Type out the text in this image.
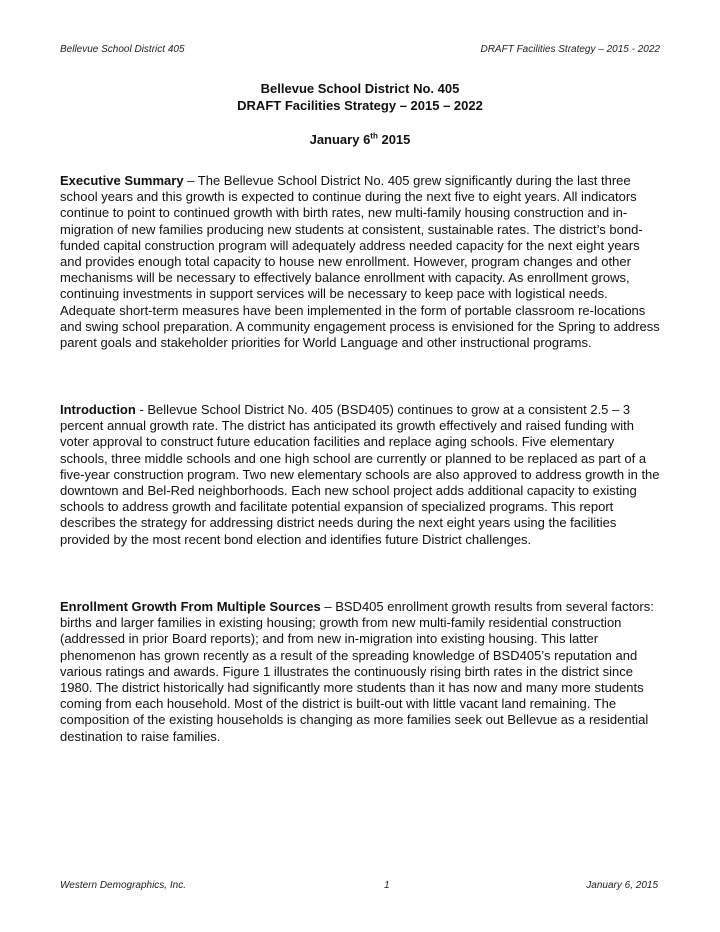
Bellevue School District 405	DRAFT Facilities Strategy – 2015 - 2022
Bellevue School District No. 405
DRAFT Facilities Strategy – 2015 – 2022
January 6th 2015
Executive Summary – The Bellevue School District No. 405 grew significantly during the last three school years and this growth is expected to continue during the next five to eight years. All indicators continue to point to continued growth with birth rates, new multi-family housing construction and in-migration of new families producing new students at consistent, sustainable rates. The district’s bond-funded capital construction program will adequately address needed capacity for the next eight years and provides enough total capacity to house new enrollment. However, program changes and other mechanisms will be necessary to effectively balance enrollment with capacity. As enrollment grows, continuing investments in support services will be necessary to keep pace with logistical needs. Adequate short-term measures have been implemented in the form of portable classroom re-locations and swing school preparation. A community engagement process is envisioned for the Spring to address parent goals and stakeholder priorities for World Language and other instructional programs.
Introduction - Bellevue School District No. 405 (BSD405) continues to grow at a consistent 2.5 – 3 percent annual growth rate. The district has anticipated its growth effectively and raised funding with voter approval to construct future education facilities and replace aging schools. Five elementary schools, three middle schools and one high school are currently or planned to be replaced as part of a five-year construction program. Two new elementary schools are also approved to address growth in the downtown and Bel-Red neighborhoods. Each new school project adds additional capacity to existing schools to address growth and facilitate potential expansion of specialized programs. This report describes the strategy for addressing district needs during the next eight years using the facilities provided by the most recent bond election and identifies future District challenges.
Enrollment Growth From Multiple Sources – BSD405 enrollment growth results from several factors: births and larger families in existing housing; growth from new multi-family residential construction (addressed in prior Board reports); and from new in-migration into existing housing. This latter phenomenon has grown recently as a result of the spreading knowledge of BSD405’s reputation and various ratings and awards. Figure 1 illustrates the continuously rising birth rates in the district since 1980. The district historically had significantly more students than it has now and many more students coming from each household. Most of the district is built-out with little vacant land remaining. The composition of the existing households is changing as more families seek out Bellevue as a residential destination to raise families.
Western Demographics, Inc.	1	January 6, 2015
